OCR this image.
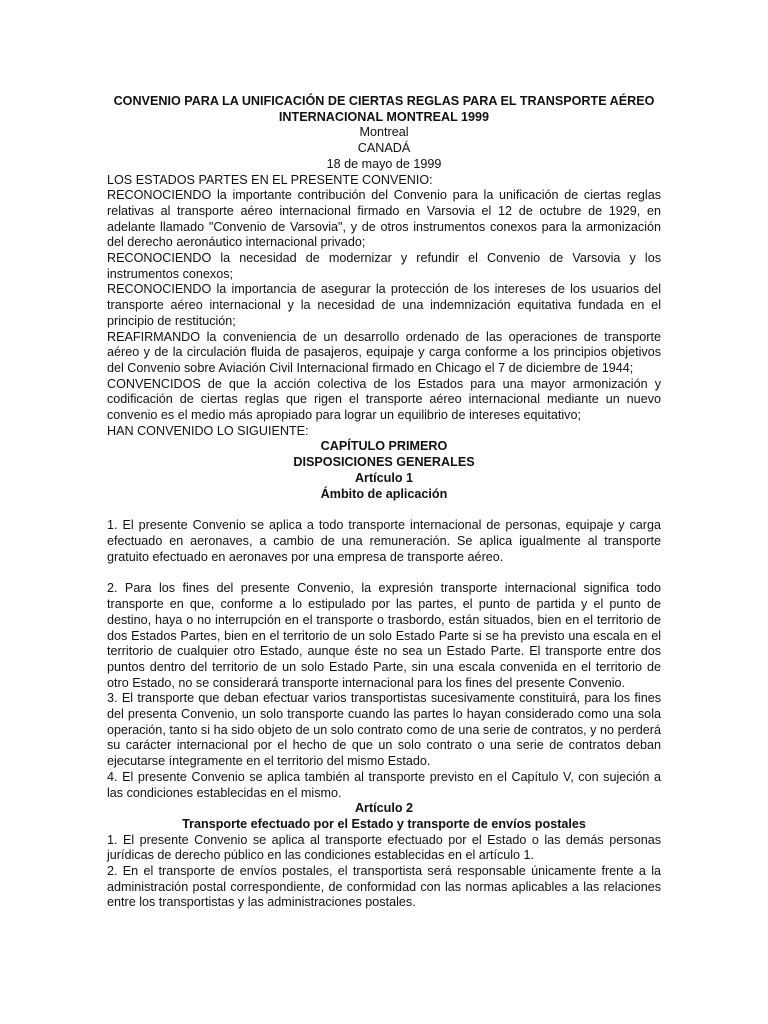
CONVENIO PARA LA UNIFICACIÓN DE CIERTAS REGLAS PARA EL TRANSPORTE AÉREO INTERNACIONAL MONTREAL 1999

Montreal

CANADÁ

18 de mayo de 1999

LOS ESTADOS PARTES EN EL PRESENTE CONVENIO:

RECONOCIENDO la importante contribución del Convenio para la unificación de ciertas reglas relativas al transporte aéreo internacional firmado en Varsovia el 12 de octubre de 1929, en adelante llamado "Convenio de Varsovia", y de otros instrumentos conexos para la armonización del derecho aeronáutico internacional privado;

RECONOCIENDO la necesidad de modernizar y refundir el Convenio de Varsovia y los instrumentos conexos;

RECONOCIENDO la importancia de asegurar la protección de los intereses de los usuarios del transporte aéreo internacional y la necesidad de una indemnización equitativa fundada en el principio de restitución;

REAFIRMANDO la conveniencia de un desarrollo ordenado de las operaciones de transporte aéreo y de la circulación fluida de pasajeros, equipaje y carga conforme a los principios objetivos del Convenio sobre Aviación Civil Internacional firmado en Chicago el 7 de diciembre de 1944;

CONVENCIDOS de que la acción colectiva de los Estados para una mayor armonización y codificación de ciertas reglas que rigen el transporte aéreo internacional mediante un nuevo convenio es el medio más apropiado para lograr un equilibrio de intereses equitativo;

HAN CONVENIDO LO SIGUIENTE:

CAPÍTULO PRIMERO

DISPOSICIONES GENERALES

Artículo 1

Ámbito de aplicación

1. El presente Convenio se aplica a todo transporte internacional de personas, equipaje y carga efectuado en aeronaves, a cambio de una remuneración. Se aplica igualmente al transporte gratuito efectuado en aeronaves por una empresa de transporte aéreo.

2. Para los fines del presente Convenio, la expresión transporte internacional significa todo transporte en que, conforme a lo estipulado por las partes, el punto de partida y el punto de destino, haya o no interrupción en el transporte o trasbordo, están situados, bien en el territorio de dos Estados Partes, bien en el territorio de un solo Estado Parte si se ha previsto una escala en el territorio de cualquier otro Estado, aunque éste no sea un Estado Parte. El transporte entre dos puntos dentro del territorio de un solo Estado Parte, sin una escala convenida en el territorio de otro Estado, no se considerará transporte internacional para los fines del presente Convenio.

3. El transporte que deban efectuar varios transportistas sucesivamente constituirá, para los fines del presenta Convenio, un solo transporte cuando las partes lo hayan considerado como una sola operación, tanto si ha sido objeto de un solo contrato como de una serie de contratos, y no perderá su carácter internacional por el hecho de que un solo contrato o una serie de contratos deban ejecutarse íntegramente en el territorio del mismo Estado.

4. El presente Convenio se aplica también al transporte previsto en el Capítulo V, con sujeción a las condiciones establecidas en el mismo.

Artículo 2

Transporte efectuado por el Estado y transporte de envíos postales

1. El presente Convenio se aplica al transporte efectuado por el Estado o las demás personas jurídicas de derecho público en las condiciones establecidas en el artículo 1.

2. En el transporte de envíos postales, el transportista será responsable únicamente frente a la administración postal correspondiente, de conformidad con las normas aplicables a las relaciones entre los transportistas y las administraciones postales.
